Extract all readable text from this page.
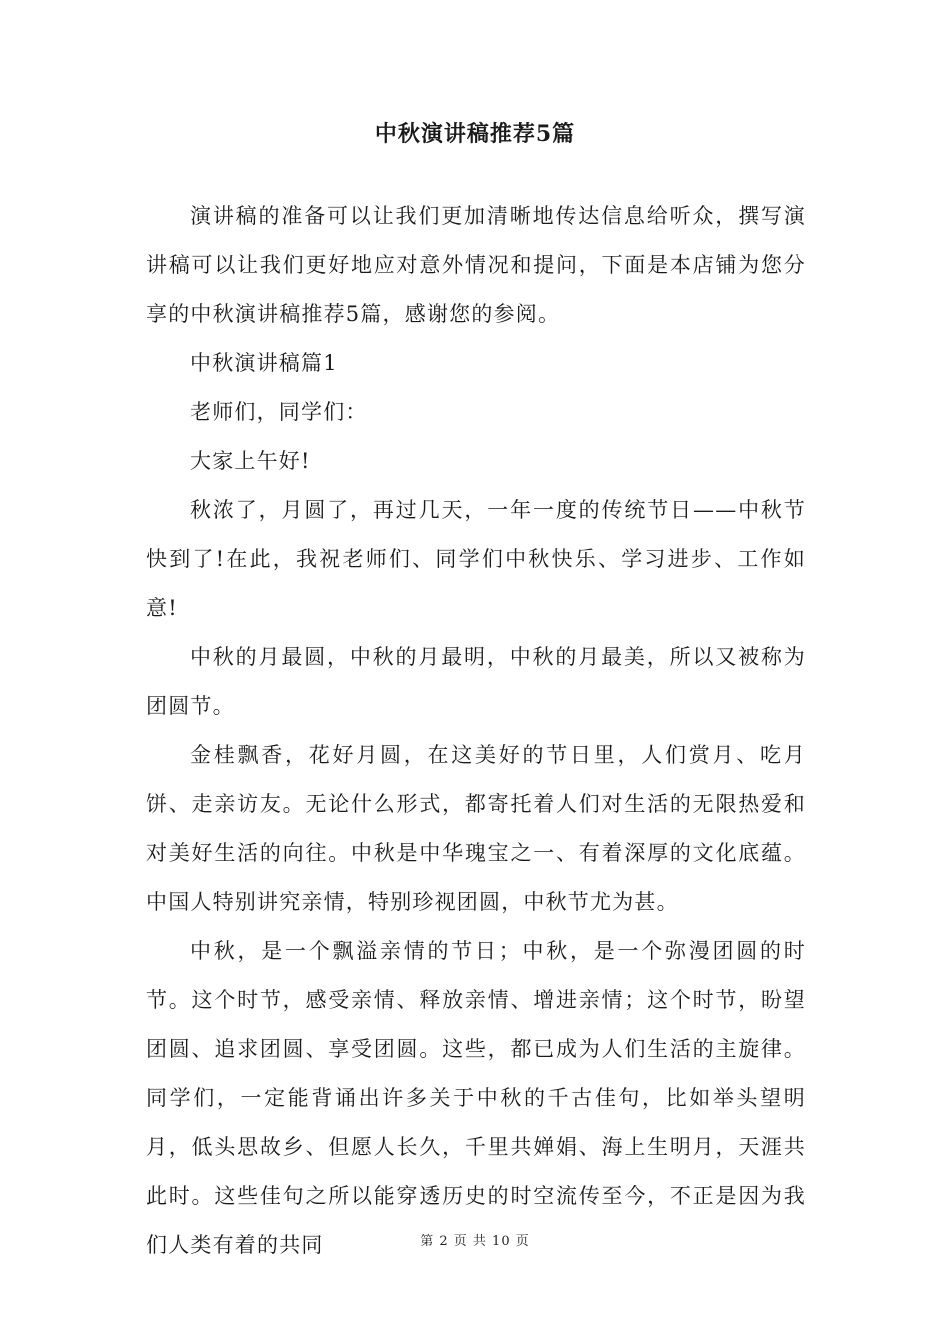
中秋演讲稿推荐5篇

演讲稿的准备可以让我们更加清晰地传达信息给听众，撰写演讲稿可以让我们更好地应对意外情况和提问，下面是本店铺为您分享的中秋演讲稿推荐5篇，感谢您的参阅。

中秋演讲稿篇1

老师们，同学们：

大家上午好!

秋浓了，月圆了，再过几天，一年一度的传统节日——中秋节快到了!在此，我祝老师们、同学们中秋快乐、学习进步、工作如意!

中秋的月最圆，中秋的月最明，中秋的月最美，所以又被称为团圆节。

金桂飘香，花好月圆，在这美好的节日里，人们赏月、吃月饼、走亲访友。无论什么形式，都寄托着人们对生活的无限热爱和对美好生活的向往。中秋是中华瑰宝之一、有着深厚的文化底蕴。中国人特别讲究亲情，特别珍视团圆，中秋节尤为甚。

中秋，是一个飘溢亲情的节日；中秋，是一个弥漫团圆的时节。这个时节，感受亲情、释放亲情、增进亲情；这个时节，盼望团圆、追求团圆、享受团圆。这些，都已成为人们生活的主旋律。同学们，一定能背诵出许多关于中秋的千古佳句，比如举头望明月，低头思故乡、但愿人长久，千里共婵娟、海上生明月，天涯共此时。这些佳句之所以能穿透历史的时空流传至今，不正是因为我们人类有着的共同	第 2 页 共 10 页
